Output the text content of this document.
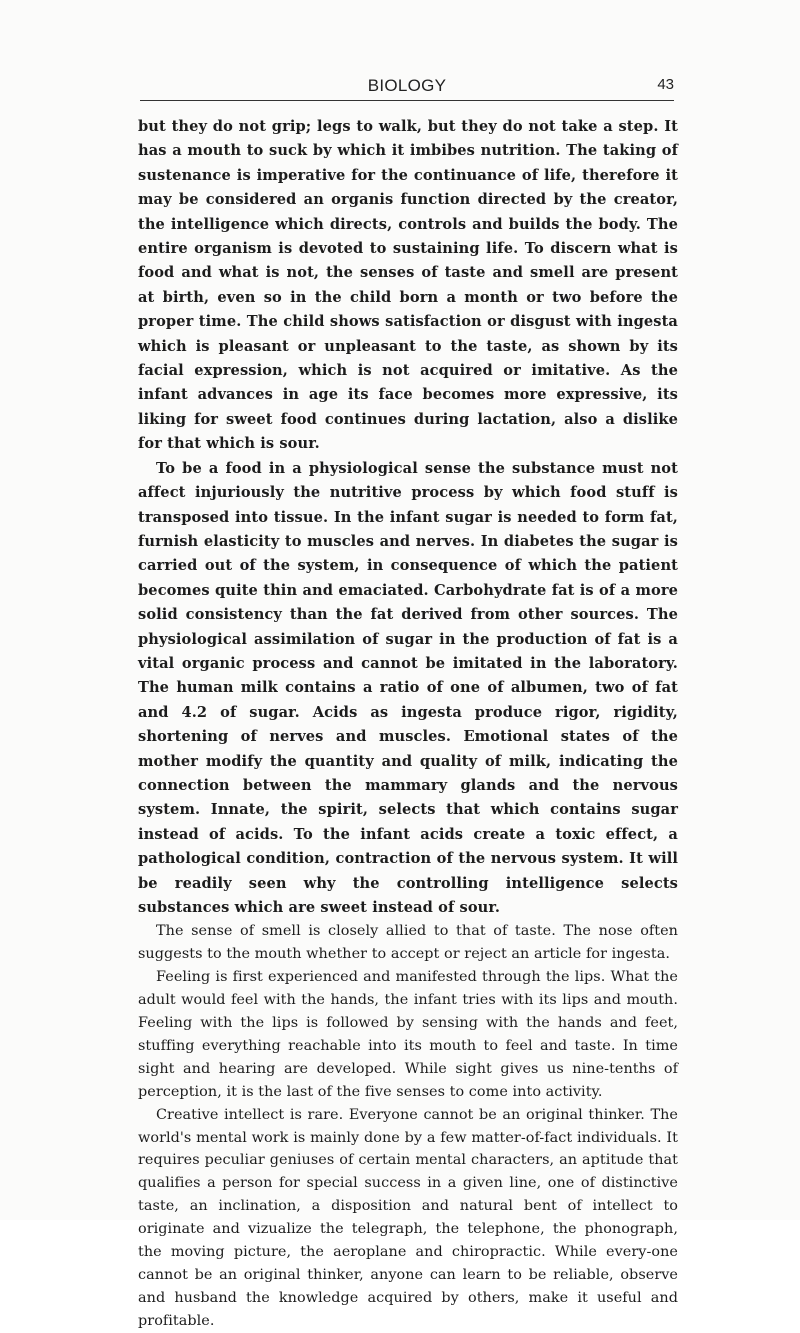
BIOLOGY	43

but they do not grip; legs to walk, but they do not take a step. It has a mouth to suck by which it imbibes nutrition. The taking of sustenance is imperative for the continuance of life, therefore it may be considered an organis function directed by the creator, the intelligence which directs, controls and builds the body. The entire organism is devoted to sustaining life. To discern what is food and what is not, the senses of taste and smell are present at birth, even so in the child born a month or two before the proper time. The child shows satisfaction or disgust with ingesta which is pleasant or unpleasant to the taste, as shown by its facial expression, which is not acquired or imitative. As the infant advances in age its face becomes more expressive, its liking for sweet food continues during lactation, also a dislike for that which is sour.

To be a food in a physiological sense the substance must not affect injuriously the nutritive process by which food stuff is transposed into tissue. In the infant sugar is needed to form fat, furnish elasticity to muscles and nerves. In diabetes the sugar is carried out of the system, in consequence of which the patient becomes quite thin and emaciated. Carbohydrate fat is of a more solid consistency than the fat derived from other sources. The physiological assimilation of sugar in the production of fat is a vital organic process and cannot be imitated in the laboratory. The human milk contains a ratio of one of albumen, two of fat and 4.2 of sugar. Acids as ingesta produce rigor, rigidity, shortening of nerves and muscles. Emotional states of the mother modify the quantity and quality of milk, indicating the connection between the mammary glands and the nervous system. Innate, the spirit, selects that which contains sugar instead of acids. To the infant acids create a toxic effect, a pathological condition, contraction of the nervous system. It will be readily seen why the controlling intelligence selects substances which are sweet instead of sour.

The sense of smell is closely allied to that of taste. The nose often suggests to the mouth whether to accept or reject an article for ingesta.

Feeling is first experienced and manifested through the lips. What the adult would feel with the hands, the infant tries with its lips and mouth. Feeling with the lips is followed by sensing with the hands and feet, stuffing everything reachable into its mouth to feel and taste. In time sight and hearing are developed. While sight gives us nine-tenths of perception, it is the last of the five senses to come into activity.

Creative intellect is rare. Everyone cannot be an original thinker. The world's mental work is mainly done by a few matter-of-fact individuals. It requires peculiar geniuses of certain mental characters, an aptitude that qualifies a person for special success in a given line, one of distinctive taste, an inclination, a disposition and natural bent of intellect to originate and vizualize the telegraph, the telephone, the phonograph, the moving picture, the aeroplane and chiropractic. While every-one cannot be an original thinker, anyone can learn to be reliable, observe and husband the knowledge acquired by others, make it useful and profitable.
